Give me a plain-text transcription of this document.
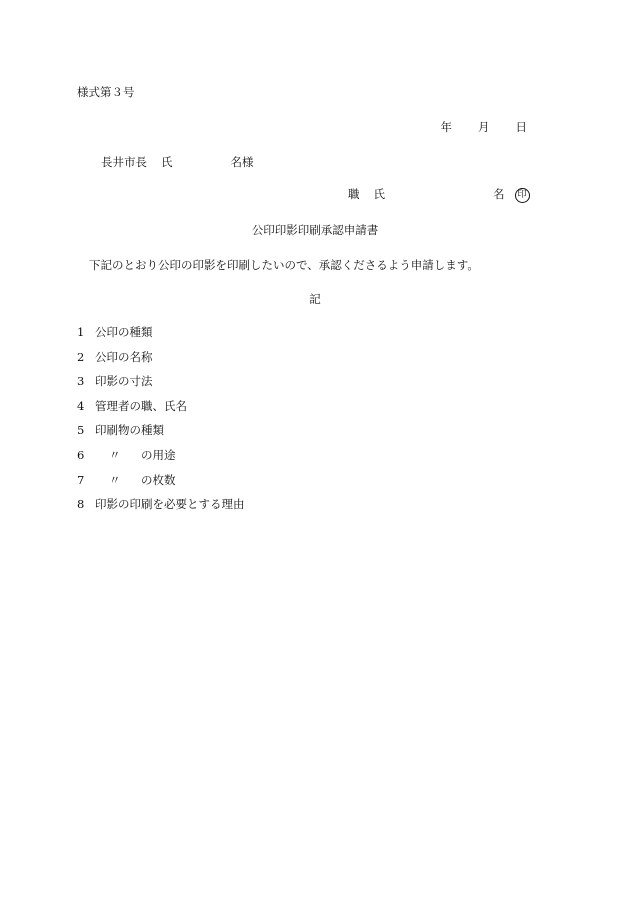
様式第３号
年 月 日
長井市長 氏	名様
職 氏	名 印
公印印影印刷承認申請書
下記のとおり公印の印影を印刷したいので、承認くださるよう申請します。
記
1 公印の種類
2 公印の名称
3 印影の寸法
4 管理者の職、氏名
5 印刷物の種類
6 〃 の用途
7 〃 の枚数
8 印影の印刷を必要とする理由
